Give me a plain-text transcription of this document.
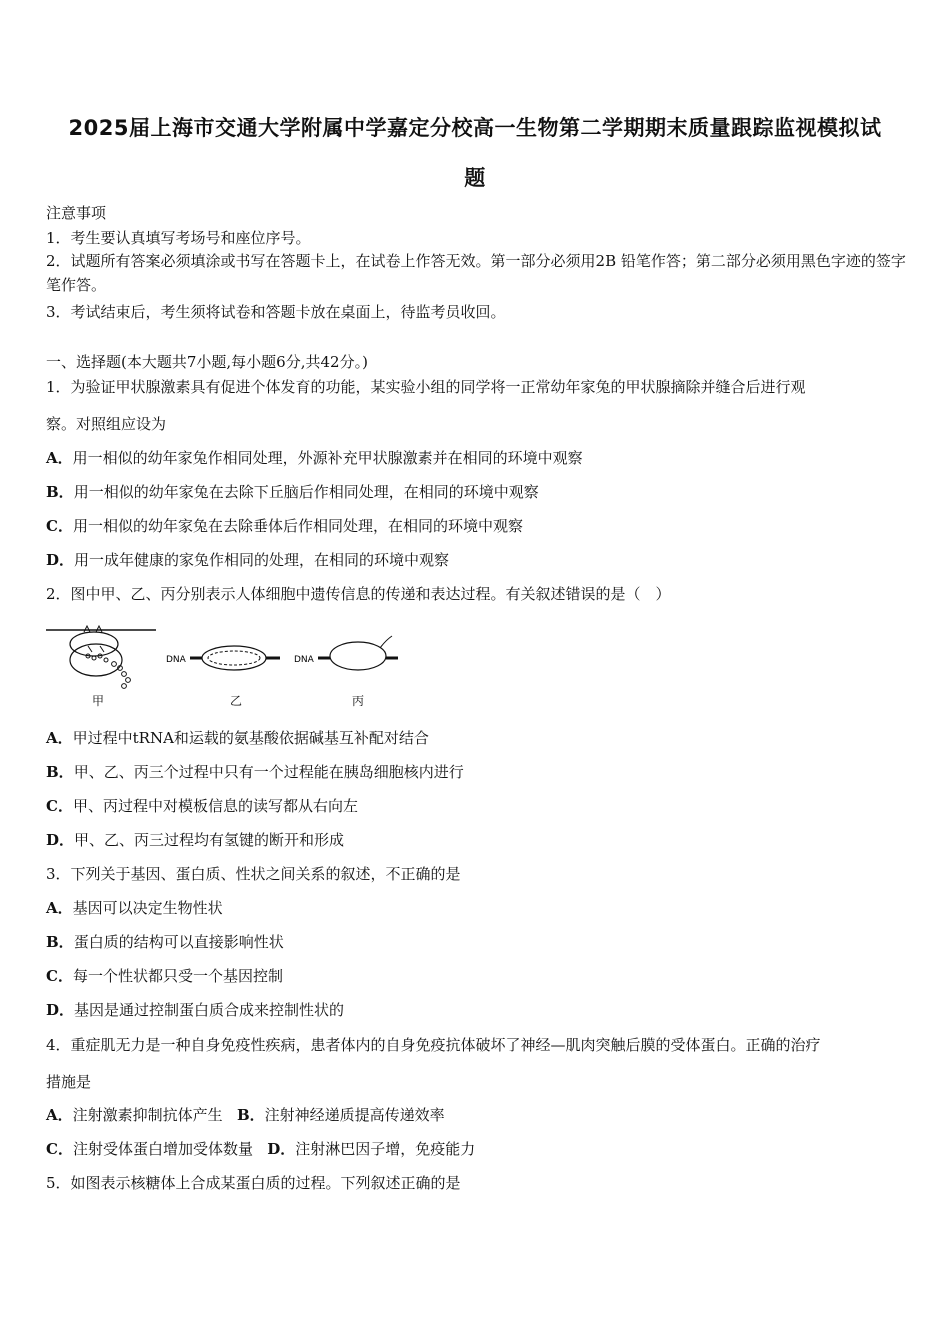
2025届上海市交通大学附属中学嘉定分校高一生物第二学期期末质量跟踪监视模拟试
题
注意事项
1．考生要认真填写考场号和座位序号。
2．试题所有答案必须填涂或书写在答题卡上，在试卷上作答无效。第一部分必须用2B 铅笔作答；第二部分必须用黑色字迹的签字笔作答。
3．考试结束后，考生须将试卷和答题卡放在桌面上，待监考员收回。
一、选择题(本大题共7小题,每小题6分,共42分。)
1．为验证甲状腺激素具有促进个体发育的功能，某实验小组的同学将一正常幼年家兔的甲状腺摘除并缝合后进行观
察。对照组应设为
A．用一相似的幼年家兔作相同处理，外源补充甲状腺激素并在相同的环境中观察
B．用一相似的幼年家兔在去除下丘脑后作相同处理，在相同的环境中观察
C．用一相似的幼年家兔在去除垂体后作相同处理，在相同的环境中观察
D．用一成年健康的家兔作相同的处理，在相同的环境中观察
2．图中甲、乙、丙分别表示人体细胞中遗传信息的传递和表达过程。有关叙述错误的是（　）
DNA	DNA
甲	乙	丙
A．甲过程中tRNA和运载的氨基酸依据碱基互补配对结合
B．甲、乙、丙三个过程中只有一个过程能在胰岛细胞核内进行
C．甲、丙过程中对模板信息的读写都从右向左
D．甲、乙、丙三过程均有氢键的断开和形成
3．下列关于基因、蛋白质、性状之间关系的叙述，不正确的是
A．基因可以决定生物性状
B．蛋白质的结构可以直接影响性状
C．每一个性状都只受一个基因控制
D．基因是通过控制蛋白质合成来控制性状的
4．重症肌无力是一种自身免疫性疾病，患者体内的自身免疫抗体破坏了神经—肌肉突触后膜的受体蛋白。正确的治疗
措施是
A．注射激素抑制抗体产生 B．注射神经递质提高传递效率
C．注射受体蛋白增加受体数量 D．注射淋巴因子增，免疫能力
5．如图表示核糖体上合成某蛋白质的过程。下列叙述正确的是
